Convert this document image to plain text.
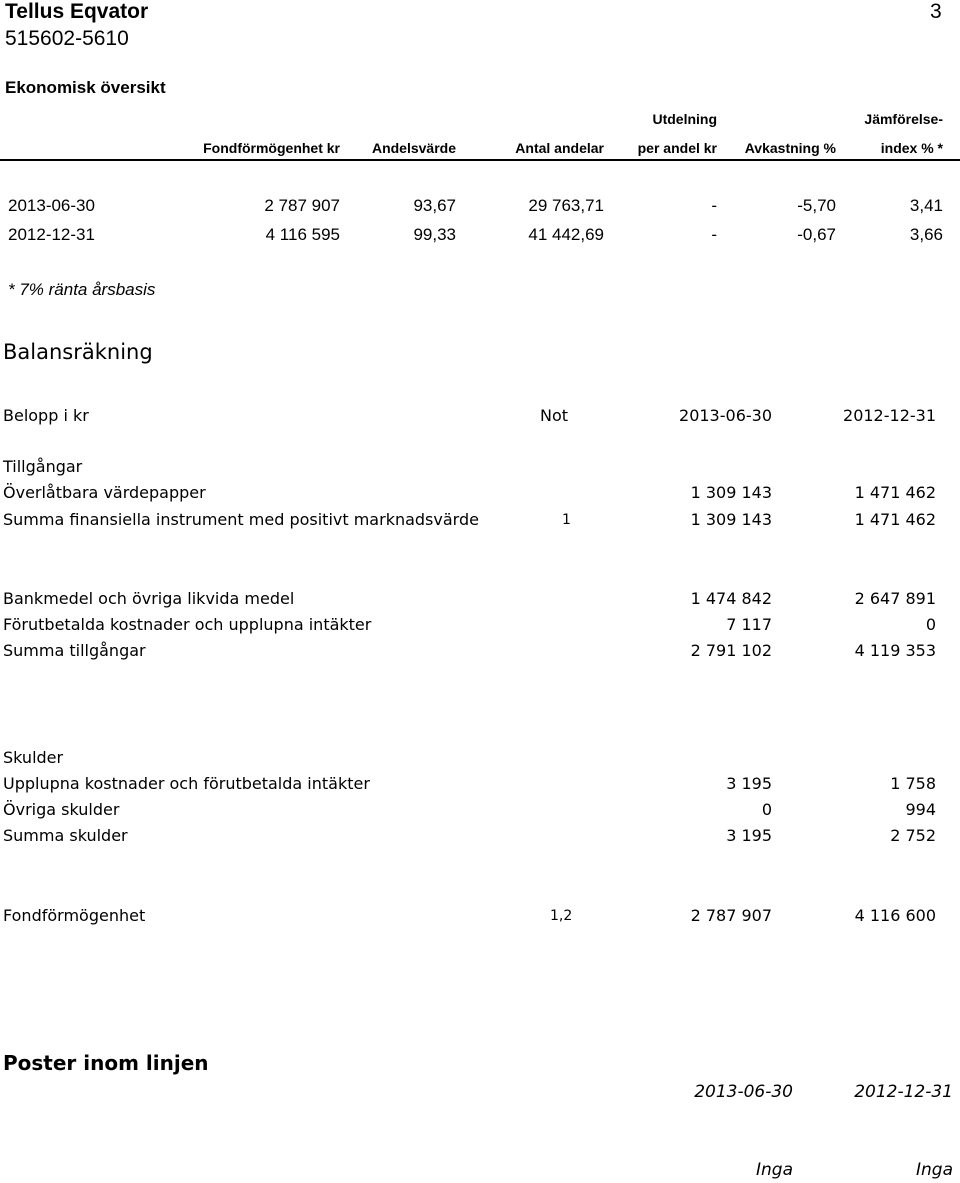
Tellus Eqvator
515602-5610
3
Ekonomisk översikt
Utdelning	Jämförelse-
Fondförmögenhet kr	Andelsvärde	Antal andelar	per andel kr	Avkastning %	index % *
2013-06-30	2 787 907	93,67	29 763,71	-	-5,70	3,41
2012-12-31	4 116 595	99,33	41 442,69	-	-0,67	3,66
* 7% ränta årsbasis
Balansräkning
Belopp i kr	Not	2013-06-30	2012-12-31
Tillgångar
Överlåtbara värdepapper	1 309 143	1 471 462
Summa finansiella instrument med positivt marknadsvärde	1	1 309 143	1 471 462
Bankmedel och övriga likvida medel	1 474 842	2 647 891
Förutbetalda kostnader och upplupna intäkter	7 117	0
Summa tillgångar	2 791 102	4 119 353
Skulder
Upplupna kostnader och förutbetalda intäkter	3 195	1 758
Övriga skulder	0	994
Summa skulder	3 195	2 752
Fondförmögenhet	1,2	2 787 907	4 116 600
Poster inom linjen
2013-06-30	2012-12-31
Inga	Inga
